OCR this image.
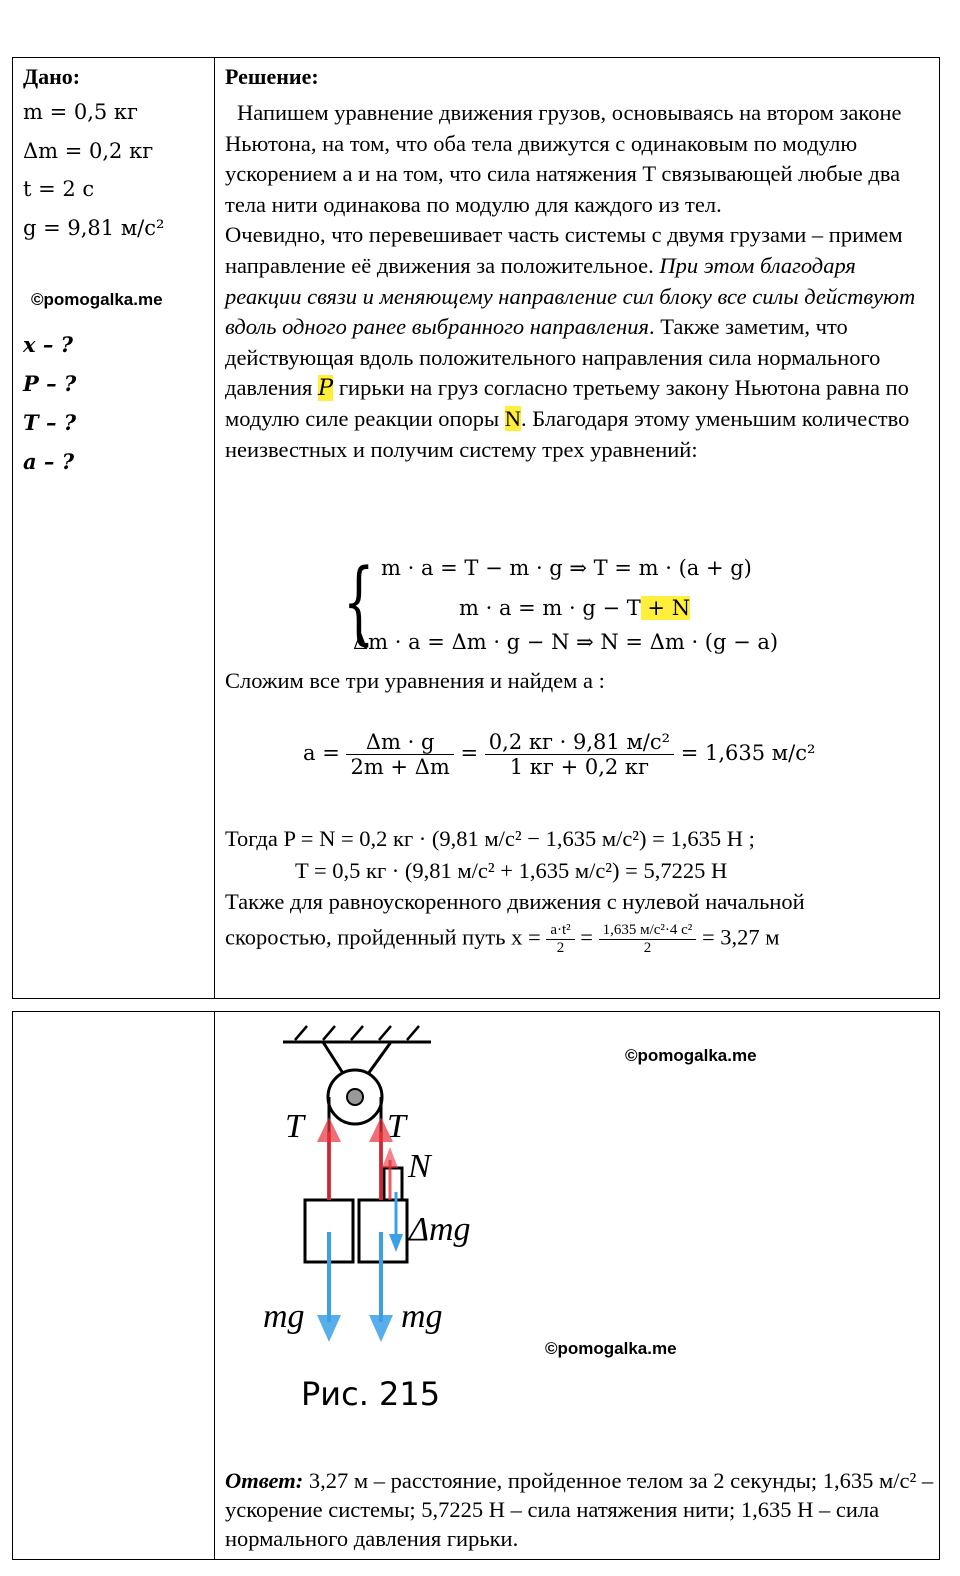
Дано:
m = 0,5 кг
Δm = 0,2 кг
t = 2 с
g = 9,81 м/с²
©pomogalka.me
x – ?
P – ?
T – ?
a – ?
Решение:

Напишем уравнение движения грузов, основываясь на втором законе Ньютона, на том, что оба тела движутся с одинаковым по модулю ускорением a и на том, что сила натяжения T связывающей любые два тела нити одинакова по модулю для каждого из тел.

Очевидно, что перевешивает часть системы с двумя грузами – примем направление её движения за положительное. При этом благодаря реакции связи и меняющему направление сил блоку все силы действуют вдоль одного ранее выбранного направления. Также заметим, что действующая вдоль положительного направления сила нормального давления P гирьки на груз согласно третьему закону Ньютона равна по модулю силе реакции опоры N. Благодаря этому уменьшим количество неизвестных и получим систему трех уравнений:

{ m · a = T − m · g ⇒ T = m · (a + g)
m · a = m · g − T + N
Δm · a = Δm · g − N ⇒ N = Δm · (g − a)
Сложим все три уравнения и найдем a :
$a = \frac{\Delta m \cdot g}{2m + \Delta m} = \frac{\text{0,2 кг · 9,81 м/с²}}{1 кг + 0,2 кг} = 1,635$ м/с²
Тогда P = N = 0,2 кг · (9,81 м/с² − 1,635 м/с²) = 1,635 Н ;
T = 0,5 кг · (9,81 м/с² + 1,635 м/с²) = 5,7225 Н
Также для равноускоренного движения с нулевой начальной
скоростью, пройденный путь $x = \frac{\text{a·t²}}{2} = \frac{\text{1,635 м/с²·4 с²}}{2} = 3,27$ м
©pomogalka.me
©pomogalka.me
T T
N
Δmg
mg	mg
Рис. 215
Ответ: 3,27 м – расстояние, пройденное телом за 2 секунды; 1,635 м/с² – ускорение системы; 5,7225 Н – сила натяжения нити; 1,635 Н – сила нормального давления гирьки.
